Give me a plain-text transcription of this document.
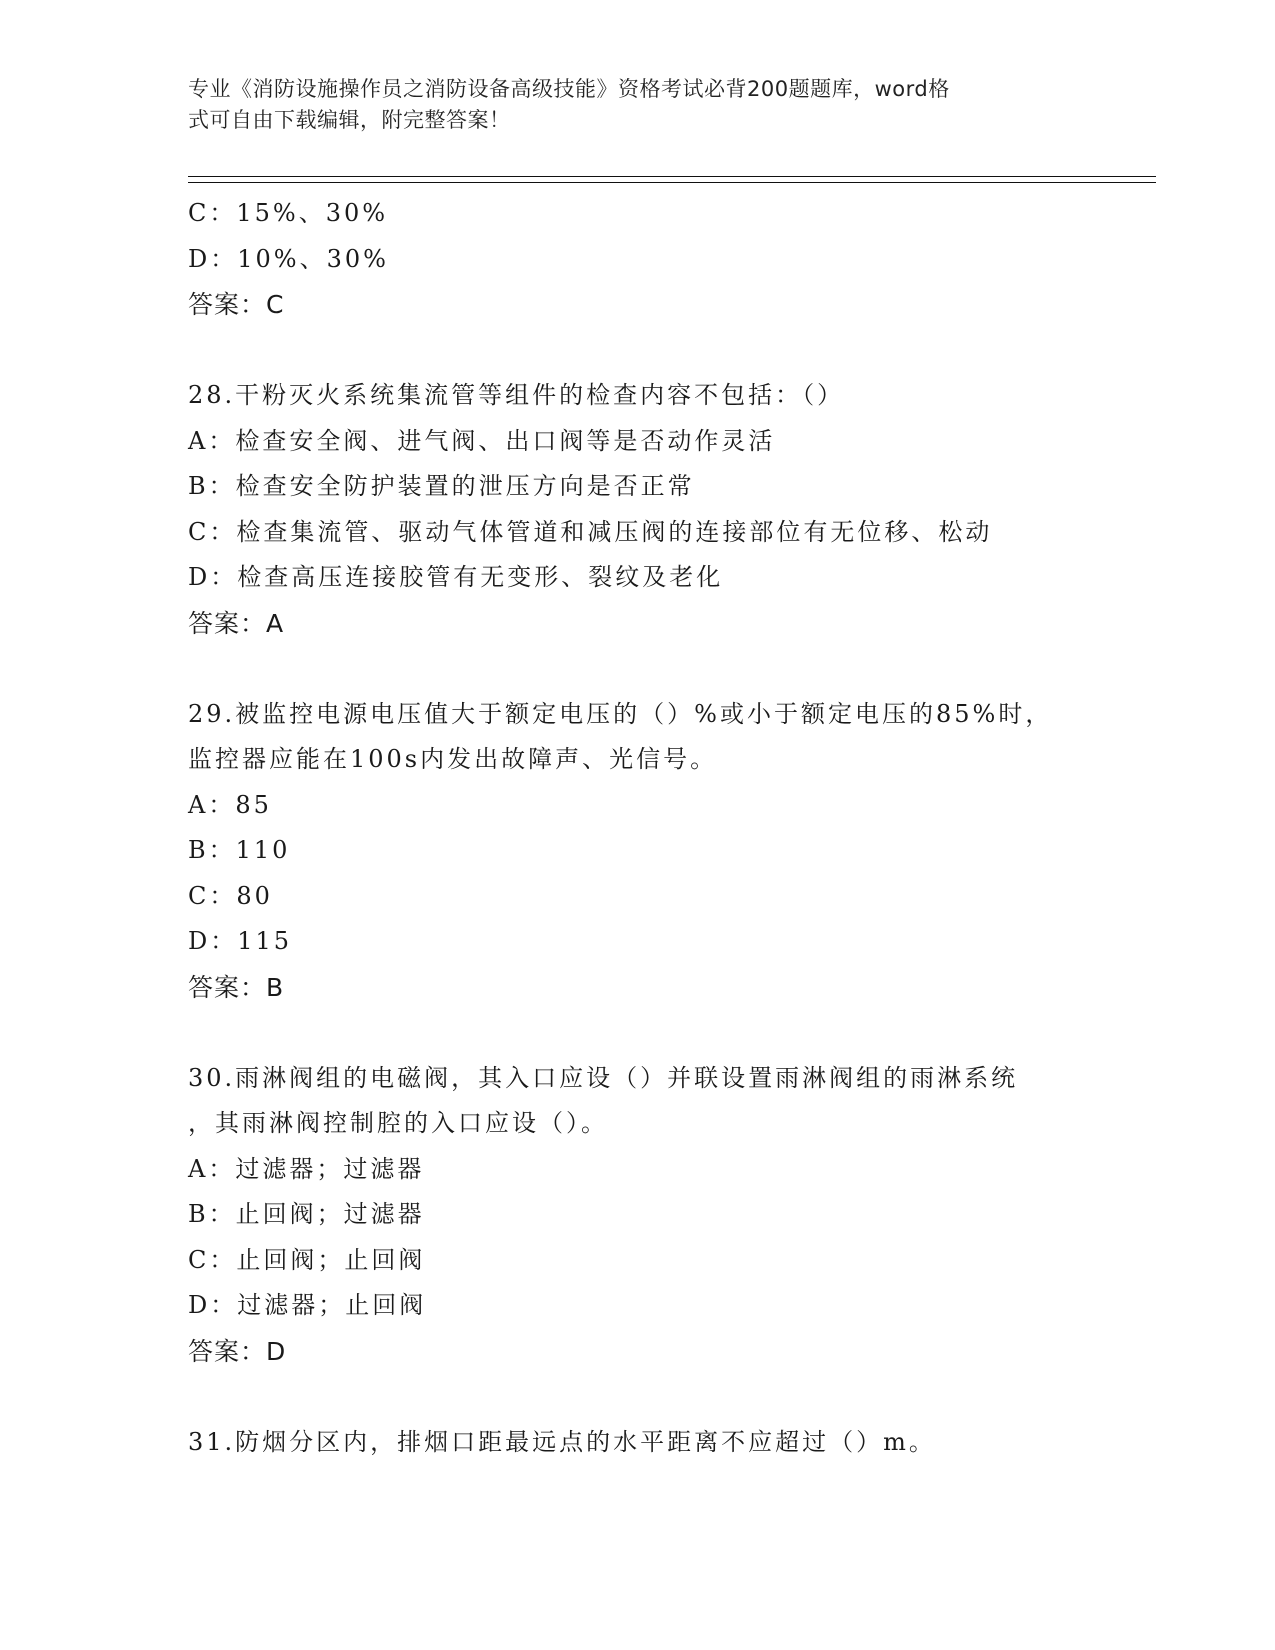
专业《消防设施操作员之消防设备高级技能》资格考试必背200题题库，word格
式可自由下载编辑，附完整答案！
C：15%、30%
D：10%、30%
答案：C
28.干粉灭火系统集流管等组件的检查内容不包括：（）
A：检查安全阀、进气阀、出口阀等是否动作灵活
B：检查安全防护装置的泄压方向是否正常
C：检查集流管、驱动气体管道和减压阀的连接部位有无位移、松动
D：检查高压连接胶管有无变形、裂纹及老化
答案：A
29.被监控电源电压值大于额定电压的（）%或小于额定电压的85%时，
监控器应能在100s内发出故障声、光信号。
A：85
B：110
C：80
D：115
答案：B
30.雨淋阀组的电磁阀，其入口应设（）并联设置雨淋阀组的雨淋系统
，其雨淋阀控制腔的入口应设（）。
A：过滤器；过滤器
B：止回阀；过滤器
C：止回阀；止回阀
D：过滤器；止回阀
答案：D
31.防烟分区内，排烟口距最远点的水平距离不应超过（）m。
